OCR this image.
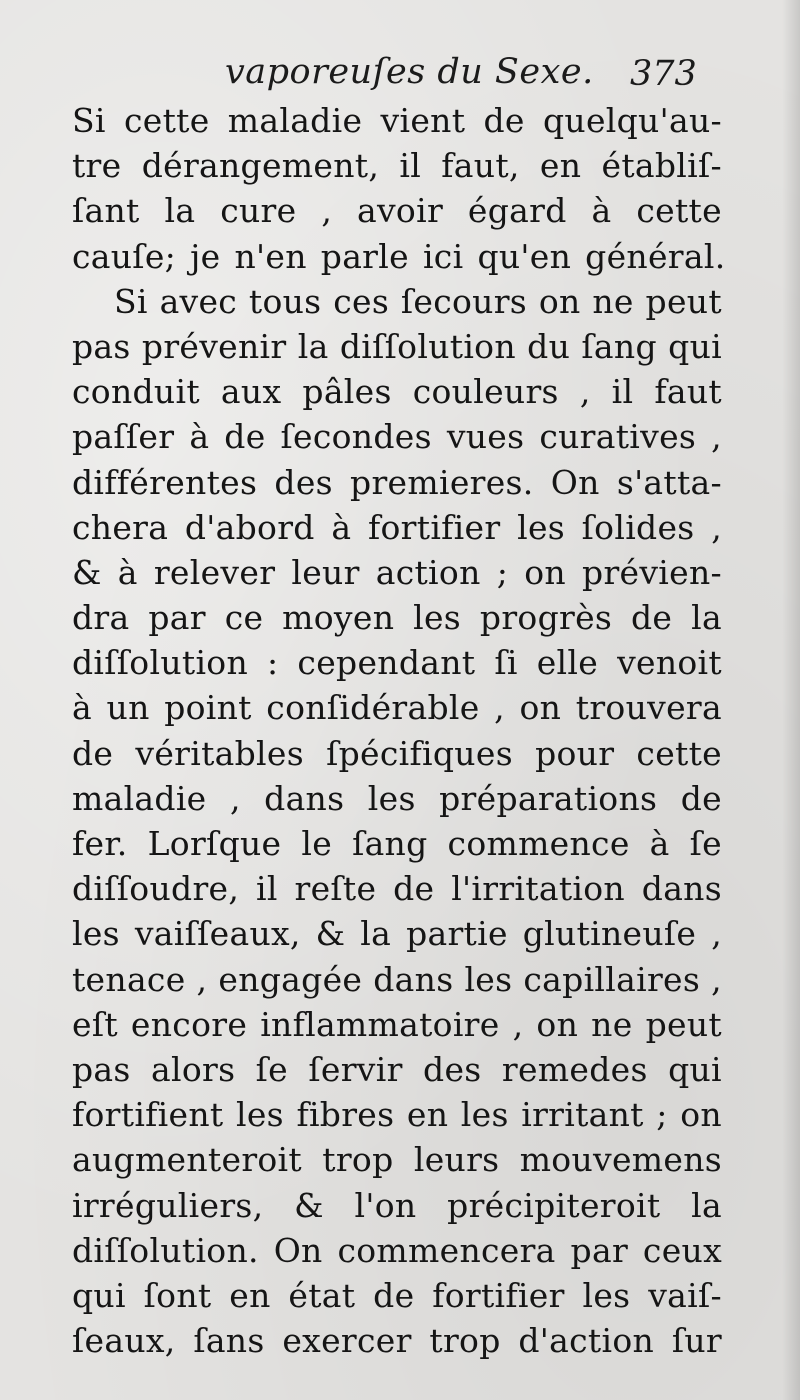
vaporeuſes du Sexe. 373
Si cette maladie vient de quelqu'au-
tre dérangement, il faut, en établiſ-
ſant la cure , avoir égard à cette
cauſe; je n'en parle ici qu'en général.
Si avec tous ces ſecours on ne peut
pas prévenir la diſſolution du ſang qui
conduit aux pâles couleurs , il faut
paſſer à de ſecondes vues curatives ,
différentes des premieres. On s'atta-
chera d'abord à fortifier les ſolides ,
& à relever leur action ; on prévien-
dra par ce moyen les progrès de la
diſſolution : cependant ſi elle venoit
à un point conſidérable , on trouvera
de véritables ſpécifiques pour cette
maladie , dans les préparations de
fer. Lorſque le ſang commence à ſe
diſſoudre, il reſte de l'irritation dans
les vaiſſeaux, & la partie glutineuſe ,
tenace , engagée dans les capillaires ,
eſt encore inflammatoire , on ne peut
pas alors ſe ſervir des remedes qui
fortifient les fibres en les irritant ; on
augmenteroit trop leurs mouvemens
irréguliers, & l'on précipiteroit la
diſſolution. On commencera par ceux
qui ſont en état de fortifier les vaiſ-
ſeaux, ſans exercer trop d'action ſur
